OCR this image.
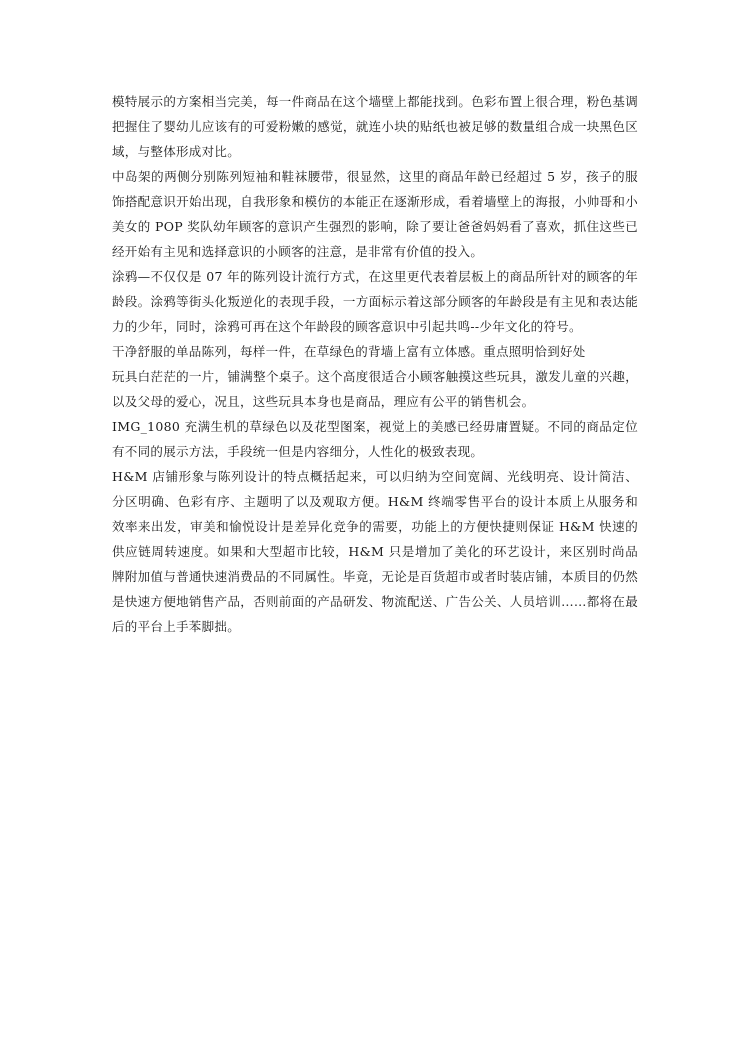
模特展示的方案相当完美，每一件商品在这个墙壁上都能找到。色彩布置上很合理，粉色基调把握住了婴幼儿应该有的可爱粉嫩的感觉，就连小块的贴纸也被足够的数量组合成一块黑色区域，与整体形成对比。

中岛架的两侧分别陈列短袖和鞋袜腰带，很显然，这里的商品年龄已经超过 5 岁，孩子的服饰搭配意识开始出现，自我形象和模仿的本能正在逐渐形成，看着墙壁上的海报，小帅哥和小美女的 POP 奖队幼年顾客的意识产生强烈的影响，除了要让爸爸妈妈看了喜欢，抓住这些已经开始有主见和选择意识的小顾客的注意，是非常有价值的投入。

涂鸦—不仅仅是 07 年的陈列设计流行方式，在这里更代表着层板上的商品所针对的顾客的年龄段。涂鸦等街头化叛逆化的表现手段，一方面标示着这部分顾客的年龄段是有主见和表达能力的少年，同时，涂鸦可再在这个年龄段的顾客意识中引起共鸣--少年文化的符号。

干净舒服的单品陈列，每样一件，在草绿色的背墙上富有立体感。重点照明恰到好处

玩具白茫茫的一片，铺满整个桌子。这个高度很适合小顾客触摸这些玩具，激发儿童的兴趣，以及父母的爱心，况且，这些玩具本身也是商品，理应有公平的销售机会。

IMG_1080 充满生机的草绿色以及花型图案，视觉上的美感已经毋庸置疑。不同的商品定位有不同的展示方法，手段统一但是内容细分，人性化的极致表现。

H&M 店铺形象与陈列设计的特点概括起来，可以归纳为空间宽阔、光线明亮、设计简洁、分区明确、色彩有序、主题明了以及观取方便。H&M 终端零售平台的设计本质上从服务和效率来出发，审美和愉悦设计是差异化竞争的需要，功能上的方便快捷则保证 H&M 快速的供应链周转速度。如果和大型超市比较，H&M 只是增加了美化的环艺设计，来区别时尚品牌附加值与普通快速消费品的不同属性。毕竟，无论是百货超市或者时装店铺，本质目的仍然是快速方便地销售产品，否则前面的产品研发、物流配送、广告公关、人员培训……都将在最后的平台上手苯脚拙。
